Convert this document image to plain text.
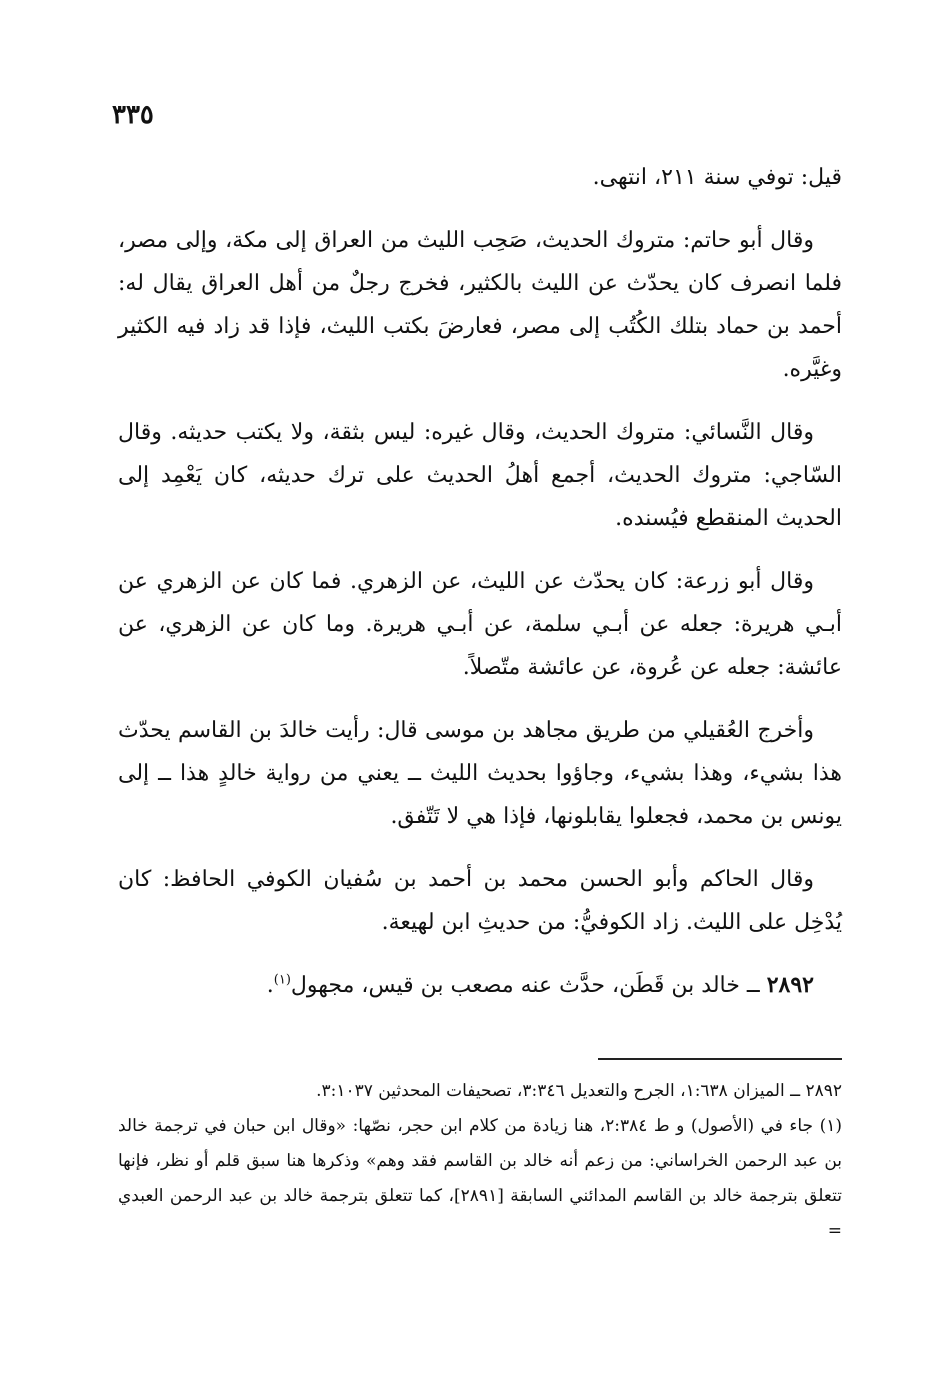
٣٣٥

قيل: توفي سنة ٢١١، انتهى.

وقال أبو حاتم: متروك الحديث، صَحِب الليث من العراق إلى مكة، وإلى مصر، فلما انصرف كان يحدّث عن الليث بالكثير، فخرج رجلٌ من أهل العراق يقال له: أحمد بن حماد بتلك الكُتُب إلى مصر، فعارضَ بكتب الليث، فإذا قد زاد فيه الكثير وغيَّره.

وقال النَّسائي: متروك الحديث، وقال غيره: ليس بثقة، ولا يكتب حديثه. وقال السّاجي: متروك الحديث، أجمع أهلُ الحديث على ترك حديثه، كان يَعْمِد إلى الحديث المنقطع فيُسنده.

وقال أبو زرعة: كان يحدّث عن الليث، عن الزهري. فما كان عن الزهري عن أبـي هريرة: جعله عن أبـي سلمة، عن أبـي هريرة. وما كان عن الزهري، عن عائشة: جعله عن عُروة، عن عائشة متّصلاً.

وأخرج العُقيلي من طريق مجاهد بن موسى قال: رأيت خالدَ بن القاسم يحدّث هذا بشيء، وهذا بشيء، وجاؤوا بحديث الليث ــ يعني من رواية خالدٍ هذا ــ إلى يونس بن محمد، فجعلوا يقابلونها، فإذا هي لا تَتّفق.

وقال الحاكم وأبو الحسن محمد بن أحمد بن سُفيان الكوفي الحافظ: كان يُدْخِل على الليث. زاد الكوفيُّ: من حديثِ ابن لهيعة.

٢٨٩٢ ــ خالد بن قَطَن، حدَّث عنه مصعب بن قيس، مجهول$^{(١)}$.

٢٨٩٢ ــ الميزان ١:٦٣٨، الجرح والتعديل ٣:٣٤٦، تصحيفات المحدثين ٣:١٠٣٧.

(١) جاء في (الأصول) و ط ٢:٣٨٤، هنا زيادة من كلام ابن حجر، نصّها: «وقال ابن حبان في ترجمة خالد بن عبد الرحمن الخراساني: من زعم أنه خالد بن القاسم فقد وهم» وذكرها هنا سبق قلم أو نظر، فإنها تتعلق بترجمة خالد بن القاسم المدائني السابقة [٢٨٩١]، كما تتعلق بترجمة خالد بن عبد الرحمن العبدي =
